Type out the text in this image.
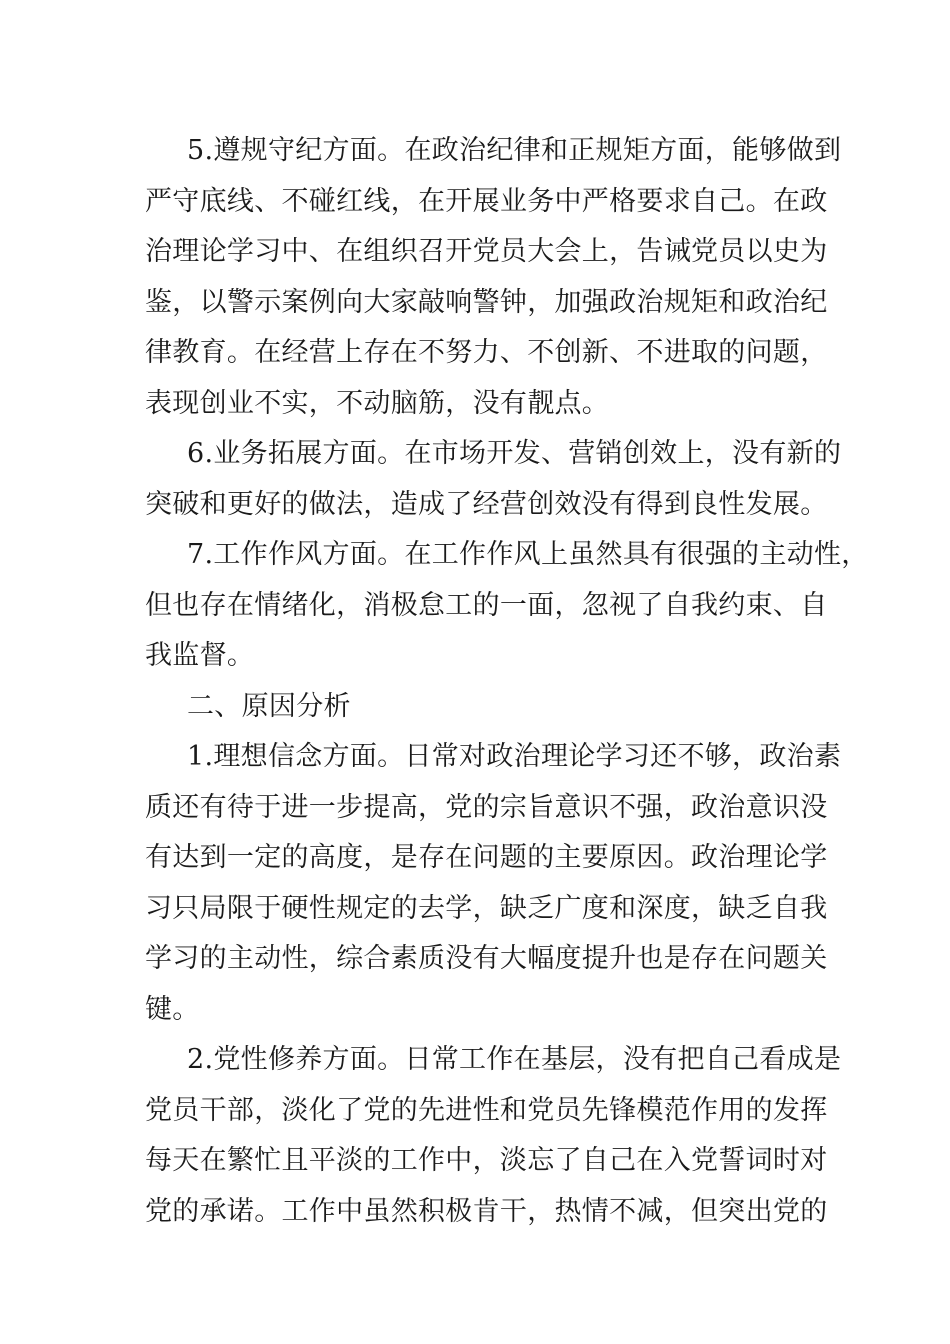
5.遵规守纪方面。在政治纪律和正规矩方面，能够做到
严守底线、不碰红线，在开展业务中严格要求自己。在政
治理论学习中、在组织召开党员大会上，告诫党员以史为
鉴，以警示案例向大家敲响警钟，加强政治规矩和政治纪
律教育。在经营上存在不努力、不创新、不进取的问题，
表现创业不实，不动脑筋，没有靓点。
6.业务拓展方面。在市场开发、营销创效上，没有新的
突破和更好的做法，造成了经营创效没有得到良性发展。
7.工作作风方面。在工作作风上虽然具有很强的主动性，
但也存在情绪化，消极怠工的一面，忽视了自我约束、自
我监督。
二、原因分析
1.理想信念方面。日常对政治理论学习还不够，政治素
质还有待于进一步提高，党的宗旨意识不强，政治意识没
有达到一定的高度，是存在问题的主要原因。政治理论学
习只局限于硬性规定的去学，缺乏广度和深度，缺乏自我
学习的主动性，综合素质没有大幅度提升也是存在问题关
键。
2.党性修养方面。日常工作在基层，没有把自己看成是
党员干部，淡化了党的先进性和党员先锋模范作用的发挥
每天在繁忙且平淡的工作中，淡忘了自己在入党誓词时对
党的承诺。工作中虽然积极肯干，热情不减，但突出党的
